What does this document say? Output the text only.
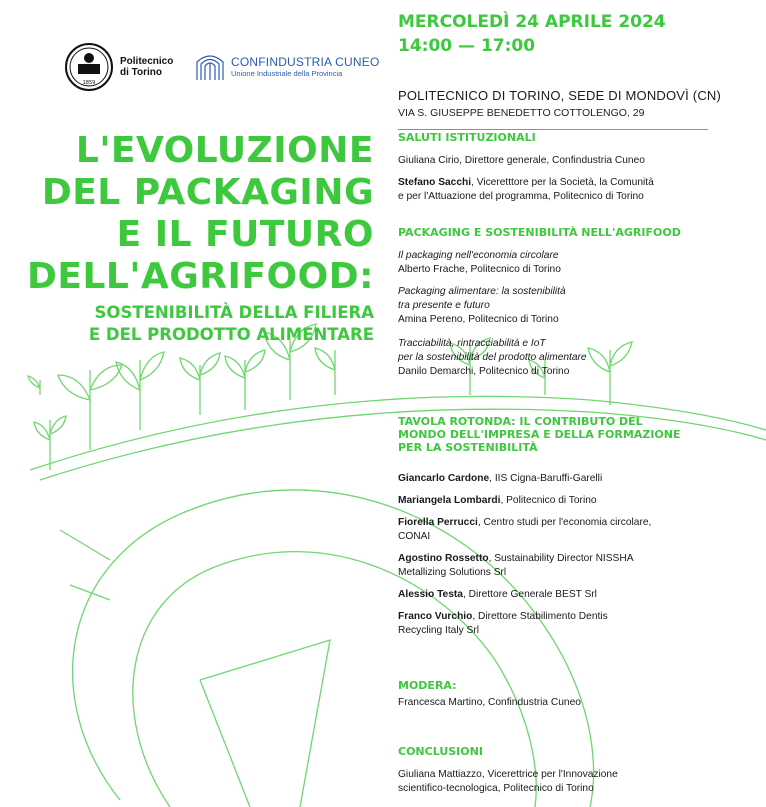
1859
Politecnico
di Torino
CONFINDUSTRIA CUNEO
Unione Industriale della Provincia
L'EVOLUZIONE
DEL PACKAGING
E IL FUTURO
DELL'AGRIFOOD:
SOSTENIBILITÀ DELLA FILIERA
E DEL PRODOTTO ALIMENTARE
MERCOLEDÌ 24 APRILE 2024
14:00 — 17:00
POLITECNICO DI TORINO, SEDE DI MONDOVÌ (CN)
VIA S. GIUSEPPE BENEDETTO COTTOLENGO, 29
SALUTI ISTITUZIONALI
Giuliana Cirio, Direttore generale, Confindustria Cuneo
Stefano Sacchi, Viceretttore per la Società, la Comunità
e per l'Attuazione del programma, Politecnico di Torino
PACKAGING E SOSTENIBILITÀ NELL'AGRIFOOD
Il packaging nell'economia circolare
Alberto Frache, Politecnico di Torino
Packaging alimentare: la sostenibilità
tra presente e futuro
Amina Pereno, Politecnico di Torino
Tracciabilità, rintracciabilità e IoT
per la sostenibilità del prodotto alimentare
Danilo Demarchi, Politecnico di Torino
TAVOLA ROTONDA: IL CONTRIBUTO DEL
MONDO DELL'IMPRESA E DELLA FORMAZIONE
PER LA SOSTENIBILITÀ
Giancarlo Cardone, IIS Cigna-Baruffi-Garelli
Mariangela Lombardi, Politecnico di Torino
Fiorella Perrucci, Centro studi per l'economia circolare,
CONAI
Agostino Rossetto, Sustainability Director NISSHA
Metallizing Solutions Srl
Alessio Testa, Direttore Generale BEST Srl
Franco Vurchio, Direttore Stabilimento Dentis
Recycling Italy Srl
MODERA:
Francesca Martino, Confindustria Cuneo
CONCLUSIONI
Giuliana Mattiazzo, Vicerettrice per l'Innovazione
scientifico-tecnologica, Politecnico di Torino
